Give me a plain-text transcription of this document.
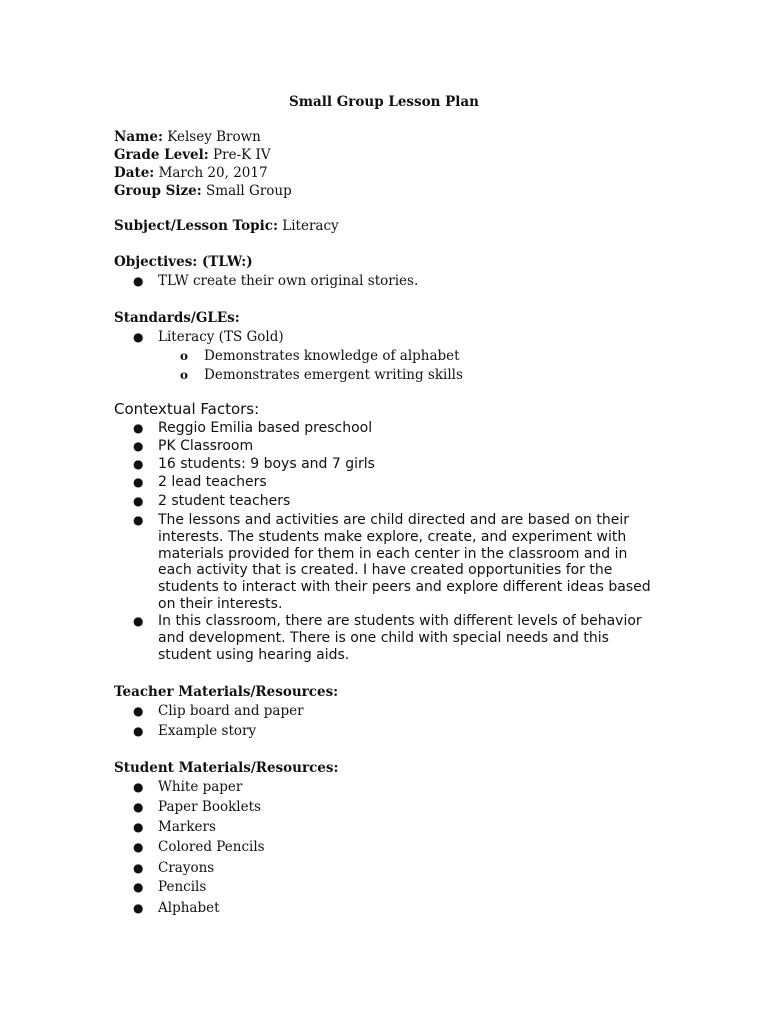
Small Group Lesson Plan
Name: Kelsey Brown
Grade Level: Pre-K IV
Date: March 20, 2017
Group Size: Small Group
Subject/Lesson Topic: Literacy
Objectives: (TLW:)
● TLW create their own original stories.
Standards/GLEs:
● Literacy (TS Gold)
o Demonstrates knowledge of alphabet
o Demonstrates emergent writing skills
Contextual Factors:
● Reggio Emilia based preschool
● PK Classroom
● 16 students: 9 boys and 7 girls
● 2 lead teachers
● 2 student teachers
● The lessons and activities are child directed and are based on their interests. The students make explore, create, and experiment with materials provided for them in each center in the classroom and in each activity that is created. I have created opportunities for the students to interact with their peers and explore different ideas based on their interests.
● In this classroom, there are students with different levels of behavior and development. There is one child with special needs and this student using hearing aids.
Teacher Materials/Resources:
● Clip board and paper
● Example story
Student Materials/Resources:
● White paper
● Paper Booklets
● Markers
● Colored Pencils
● Crayons
● Pencils
● Alphabet
